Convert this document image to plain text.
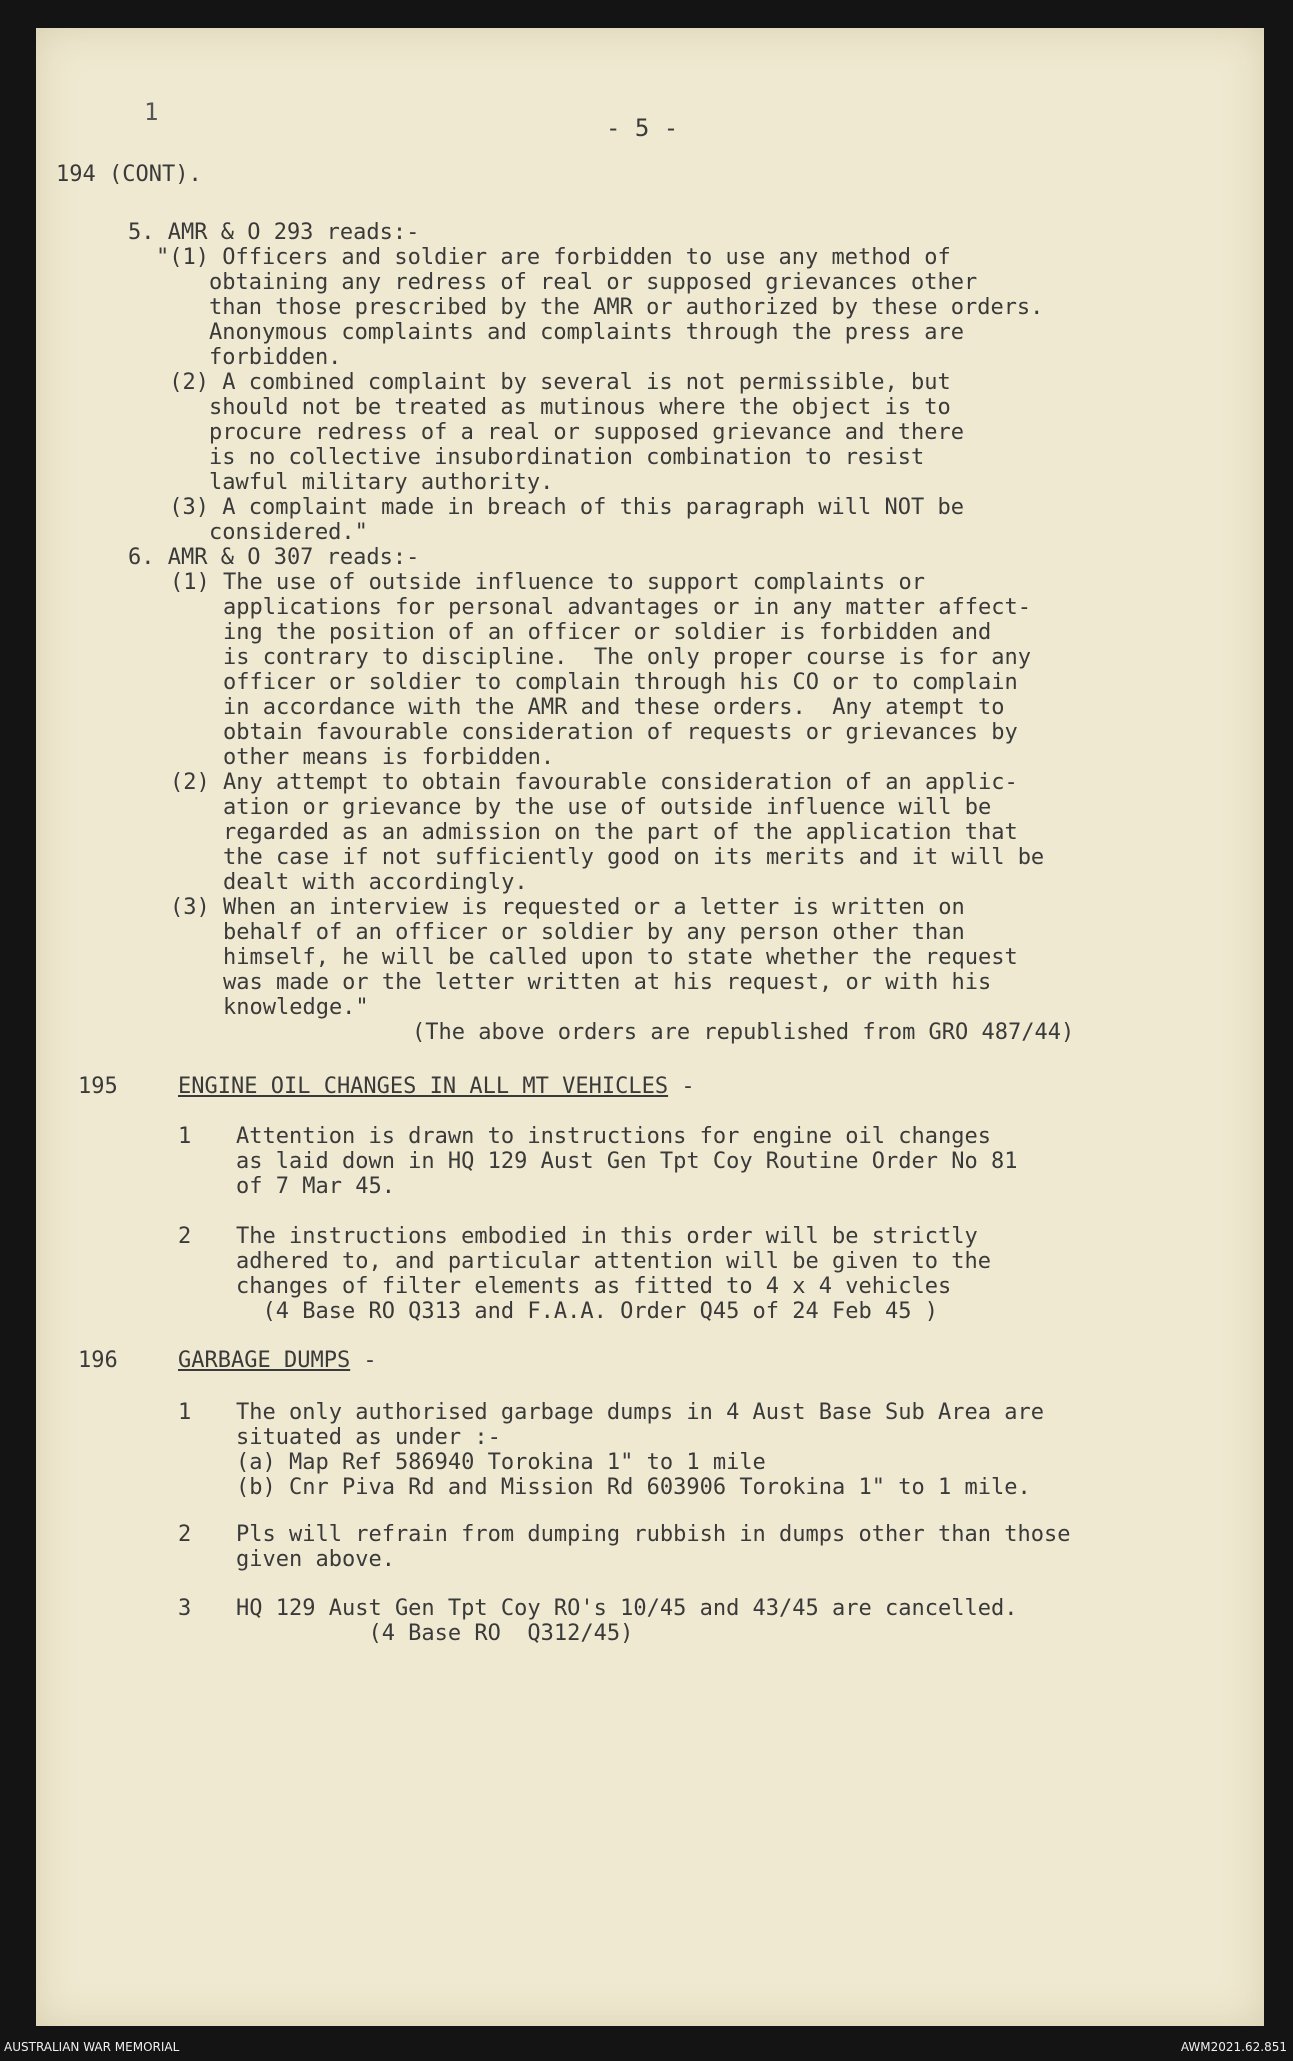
1
- 5 -
194 (CONT).
5. AMR & O 293 reads:-
"(1) Officers and soldier are forbidden to use any method of
obtaining any redress of real or supposed grievances other
than those prescribed by the AMR or authorized by these orders.
Anonymous complaints and complaints through the press are
forbidden.
(2) A combined complaint by several is not permissible, but
should not be treated as mutinous where the object is to
procure redress of a real or supposed grievance and there
is no collective insubordination combination to resist
lawful military authority.
(3) A complaint made in breach of this paragraph will NOT be
considered."
6. AMR & O 307 reads:-
(1) The use of outside influence to support complaints or
applications for personal advantages or in any matter affect-
ing the position of an officer or soldier is forbidden and
is contrary to discipline.  The only proper course is for any
officer or soldier to complain through his CO or to complain
in accordance with the AMR and these orders.  Any atempt to
obtain favourable consideration of requests or grievances by
other means is forbidden.
(2) Any attempt to obtain favourable consideration of an applic-
ation or grievance by the use of outside influence will be
regarded as an admission on the part of the application that
the case if not sufficiently good on its merits and it will be
dealt with accordingly.
(3) When an interview is requested or a letter is written on
behalf of an officer or soldier by any person other than
himself, he will be called upon to state whether the request
was made or the letter written at his request, or with his
knowledge."
(The above orders are republished from GRO 487/44)
195	ENGINE OIL CHANGES IN ALL MT VEHICLES -
1 Attention is drawn to instructions for engine oil changes
as laid down in HQ 129 Aust Gen Tpt Coy Routine Order No 81
of 7 Mar 45.
2 The instructions embodied in this order will be strictly
adhered to, and particular attention will be given to the
changes of filter elements as fitted to 4 x 4 vehicles
(4 Base RO Q313 and F.A.A. Order Q45 of 24 Feb 45 )
196	GARBAGE DUMPS -
1 The only authorised garbage dumps in 4 Aust Base Sub Area are
situated as under :-
(a) Map Ref 586940 Torokina 1" to 1 mile
(b) Cnr Piva Rd and Mission Rd 603906 Torokina 1" to 1 mile.
2 Pls will refrain from dumping rubbish in dumps other than those
given above.
3 HQ 129 Aust Gen Tpt Coy RO's 10/45 and 43/45 are cancelled.
(4 Base RO  Q312/45)
AUSTRALIAN WAR MEMORIAL	AWM2021.62.851
